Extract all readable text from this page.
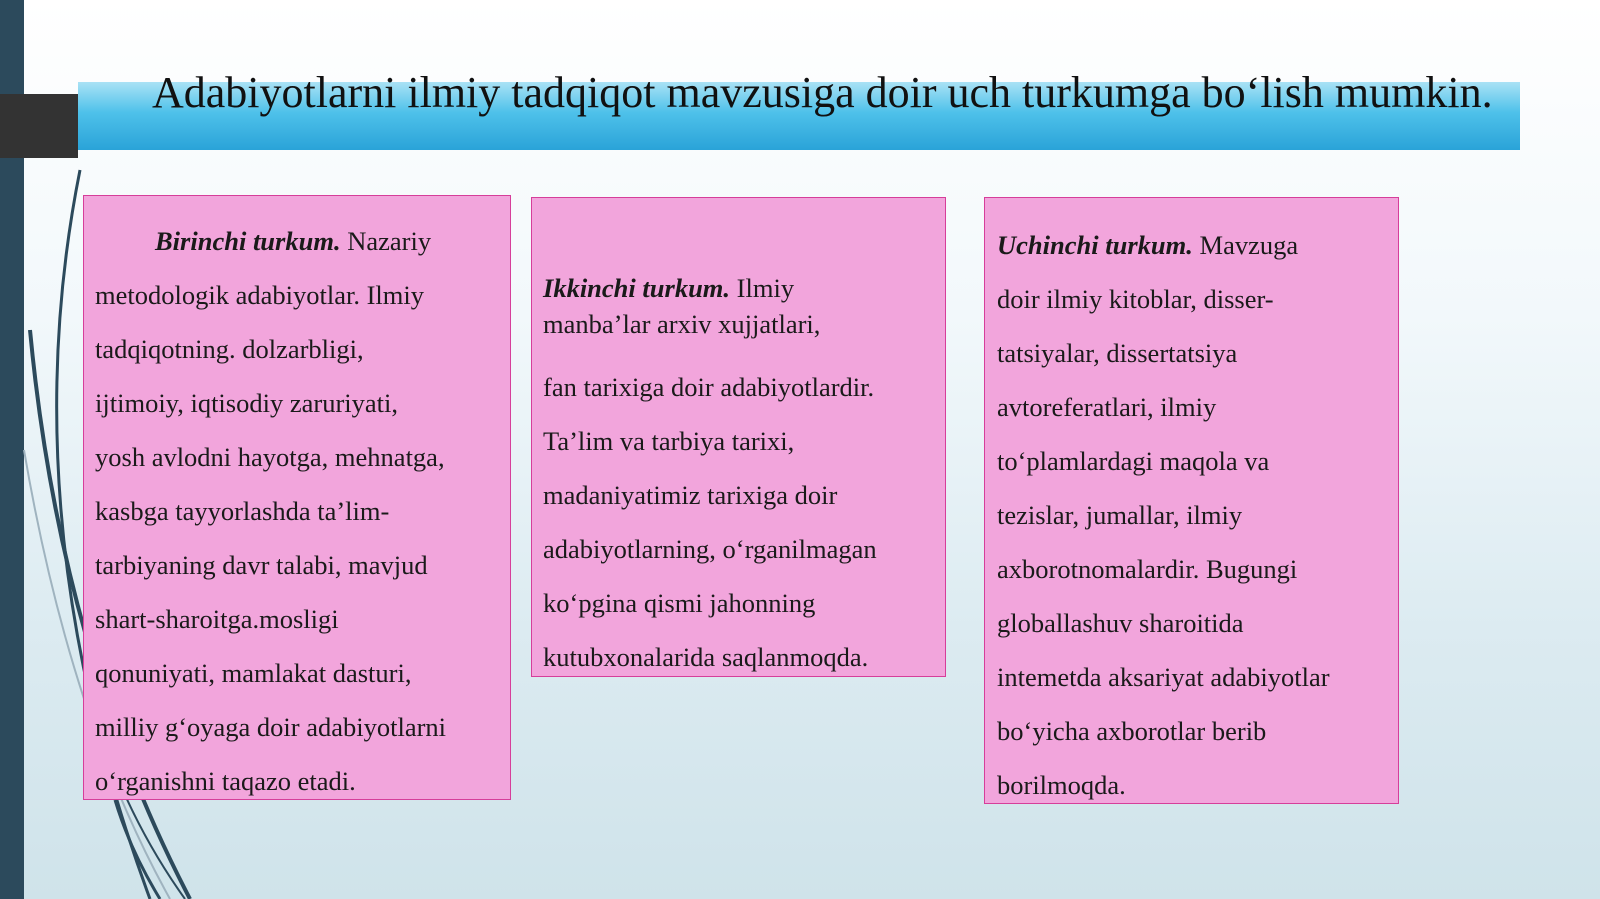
Adabiyotlarni ilmiy tadqiqot mavzusiga doir uch turkumga bo‘lish mumkin.
Birinchi turkum. Nazariy
metodologik adabiyotlar. Ilmiy
tadqiqotning. dolzarbligi,
ijtimoiy, iqtisodiy zaruriyati,
yosh avlodni hayotga, mehnatga,
kasbga tayyorlashda ta’lim-
tarbiyaning davr talabi, mavjud
shart-sharoitga.mosligi
qonuniyati, mamlakat dasturi,
milliy g‘oyaga doir adabiyotlarni
o‘rganishni taqazo etadi.
Ikkinchi turkum. Ilmiy
manba’lar arxiv xujjatlari,
fan tarixiga doir adabiyotlardir.
Ta’lim va tarbiya tarixi,
madaniyatimiz tarixiga doir
adabiyotlarning, o‘rganilmagan
ko‘pgina qismi jahonning
kutubxonalarida saqlanmoqda.
Uchinchi turkum. Mavzuga
doir ilmiy kitoblar, disser-
tatsiyalar, dissertatsiya
avtoreferatlari, ilmiy
to‘plamlardagi maqola va
tezislar, jumallar, ilmiy
axborotnomalardir. Bugungi
globallashuv sharoitida
intemetda aksariyat adabiyotlar
bo‘yicha axborotlar berib
borilmoqda.
